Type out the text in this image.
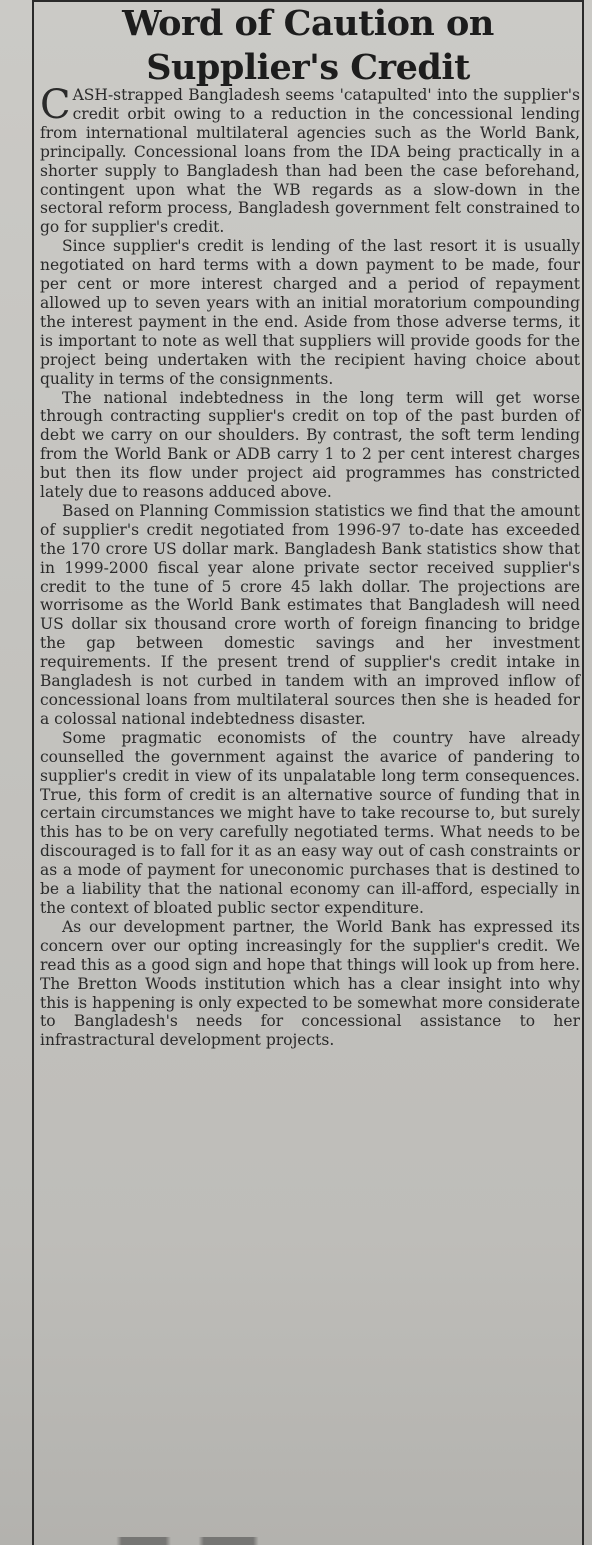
Word of Caution on
Supplier's Credit

CASH-strapped Bangladesh seems 'catapulted' into the supplier's credit orbit owing to a reduction in the concessional lending from international multilateral agencies such as the World Bank, principally. Concessional loans from the IDA being practically in a shorter supply to Bangladesh than had been the case beforehand, contingent upon what the WB regards as a slow-down in the sectoral reform process, Bangladesh government felt constrained to go for supplier's credit.

Since supplier's credit is lending of the last resort it is usually negotiated on hard terms with a down payment to be made, four per cent or more interest charged and a period of repayment allowed up to seven years with an initial moratorium compounding the interest payment in the end. Aside from those adverse terms, it is important to note as well that suppliers will provide goods for the project being undertaken with the recipient having choice about quality in terms of the consignments.

The national indebtedness in the long term will get worse through contracting supplier's credit on top of the past burden of debt we carry on our shoulders. By contrast, the soft term lending from the World Bank or ADB carry 1 to 2 per cent interest charges but then its flow under project aid programmes has constricted lately due to reasons adduced above.

Based on Planning Commission statistics we find that the amount of supplier's credit negotiated from 1996-97 to-date has exceeded the 170 crore US dollar mark. Bangladesh Bank statistics show that in 1999-2000 fiscal year alone private sector received supplier's credit to the tune of 5 crore 45 lakh dollar. The projections are worrisome as the World Bank estimates that Bangladesh will need US dollar six thousand crore worth of foreign financing to bridge the gap between domestic savings and her investment requirements. If the present trend of supplier's credit intake in Bangladesh is not curbed in tandem with an improved inflow of concessional loans from multilateral sources then she is headed for a colossal national indebtedness disaster.

Some pragmatic economists of the country have already counselled the government against the avarice of pandering to supplier's credit in view of its unpalatable long term consequences. True, this form of credit is an alternative source of funding that in certain circumstances we might have to take recourse to, but surely this has to be on very carefully negotiated terms. What needs to be discouraged is to fall for it as an easy way out of cash constraints or as a mode of payment for uneconomic purchases that is destined to be a liability that the national economy can ill-afford, especially in the context of bloated public sector expenditure.

As our development partner, the World Bank has expressed its concern over our opting increasingly for the supplier's credit. We read this as a good sign and hope that things will look up from here. The Bretton Woods institution which has a clear insight into why this is happening is only expected to be somewhat more considerate to Bangladesh's needs for concessional assistance to her infrastractural development projects.
